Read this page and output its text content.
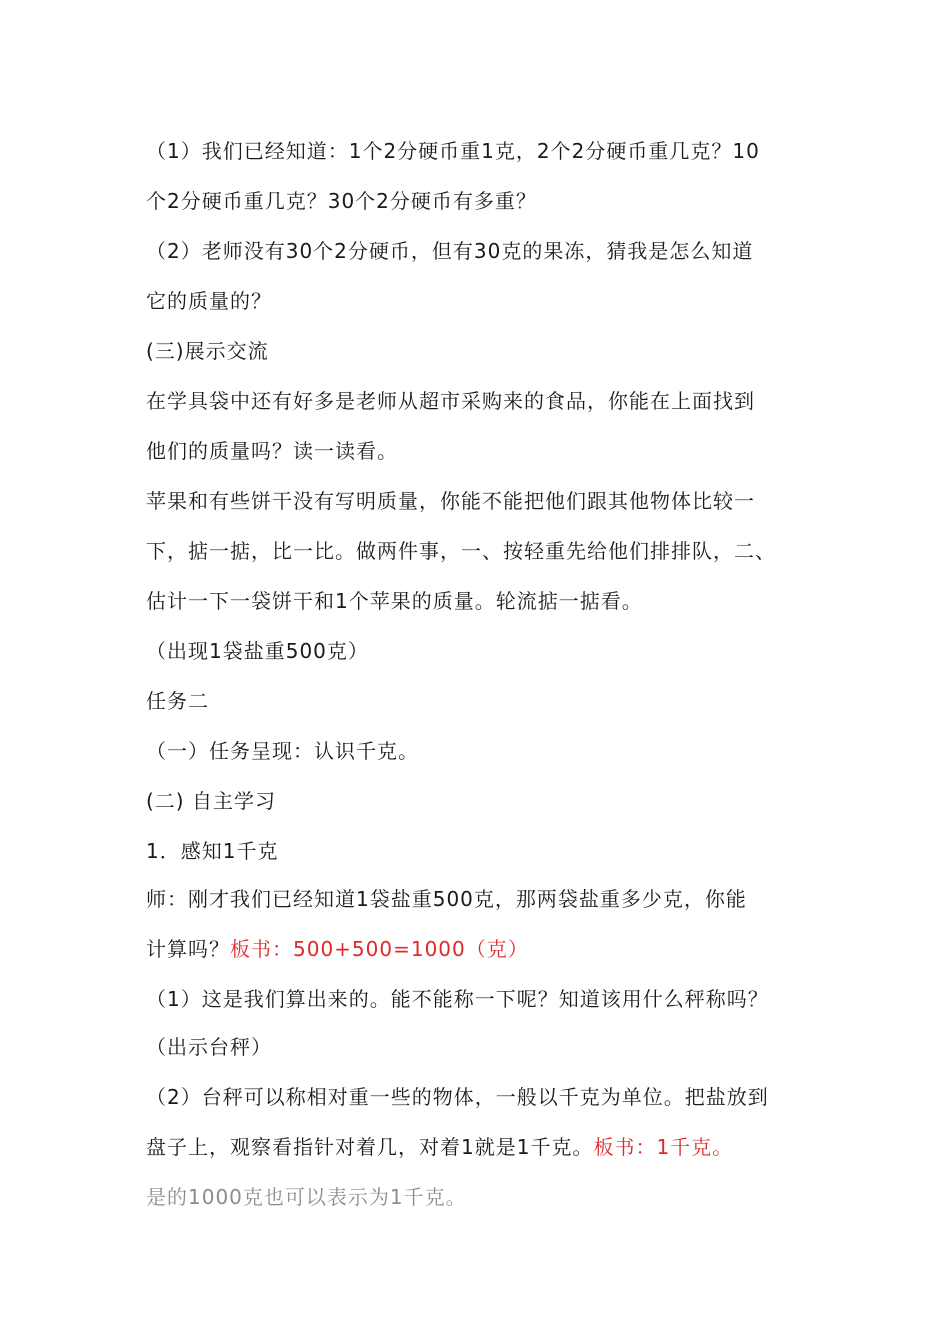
（1）我们已经知道：1个2分硬币重1克，2个2分硬币重几克？10
个2分硬币重几克？30个2分硬币有多重？
（2）老师没有30个2分硬币，但有30克的果冻，猜我是怎么知道
它的质量的？
(三)展示交流
在学具袋中还有好多是老师从超市采购来的食品，你能在上面找到
他们的质量吗？读一读看。
苹果和有些饼干没有写明质量，你能不能把他们跟其他物体比较一
下，掂一掂，比一比。做两件事，一、按轻重先给他们排排队，二、
估计一下一袋饼干和1个苹果的质量。轮流掂一掂看。
（出现1袋盐重500克）
任务二
（一）任务呈现：认识千克。
(二) 自主学习
1．感知1千克
师：刚才我们已经知道1袋盐重500克，那两袋盐重多少克，你能
计算吗？板书：500+500=1000（克）
（1）这是我们算出来的。能不能称一下呢？知道该用什么秤称吗？
（出示台秤）
（2）台秤可以称相对重一些的物体，一般以千克为单位。把盐放到
盘子上，观察看指针对着几，对着1就是1千克。板书：1千克。
是的1000克也可以表示为1千克。
